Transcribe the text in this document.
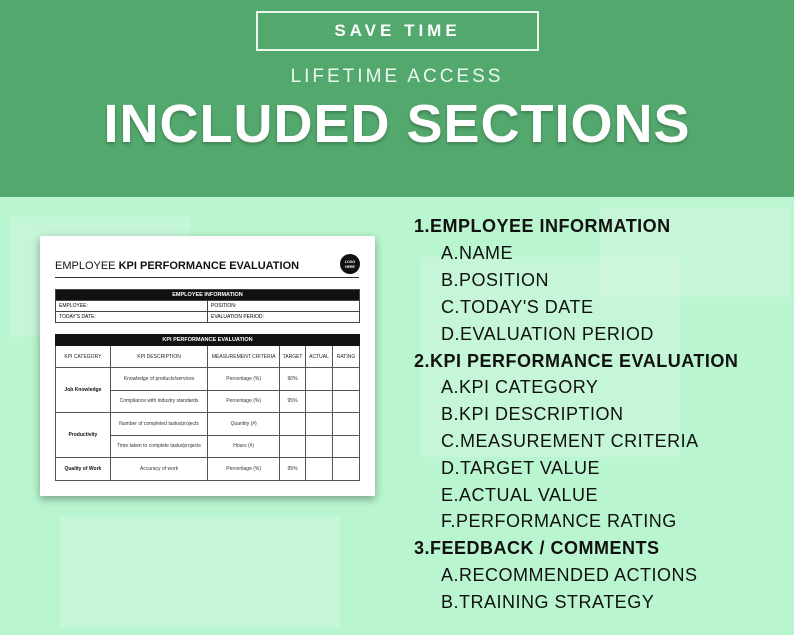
SAVE TIME
LIFETIME ACCESS
INCLUDED SECTIONS
EMPLOYEE KPI PERFORMANCE EVALUATION	LOGO HERE
EMPLOYEE INFORMATION	
EMPLOYEE:	POSITION:
TODAY'S DATE:	EVALUATION PERIOD:
KPI PERFORMANCE EVALUATION					
KPI CATEGORY	KPI DESCRIPTION	MEASUREMENT CRITERIA	TARGET	ACTUAL	RATING
Job Knowledge	Knowledge of products/services	Percentage (%)	90%		
	Compliance with industry standards	Percentage (%)	95%		
Productivity	Number of completed tasks/projects	Quantity (#)			
	Time taken to complete tasks/projects	Hours (#)			
Quality of Work	Accuracy of work	Percentage (%)	95%		
1.EMPLOYEE INFORMATION
A.NAME
B.POSITION
C.TODAY'S DATE
D.EVALUATION PERIOD
2.KPI PERFORMANCE EVALUATION
A.KPI CATEGORY
B.KPI DESCRIPTION
C.MEASUREMENT CRITERIA
D.TARGET VALUE
E.ACTUAL VALUE
F.PERFORMANCE RATING
3.FEEDBACK / COMMENTS
A.RECOMMENDED ACTIONS
B.TRAINING STRATEGY
